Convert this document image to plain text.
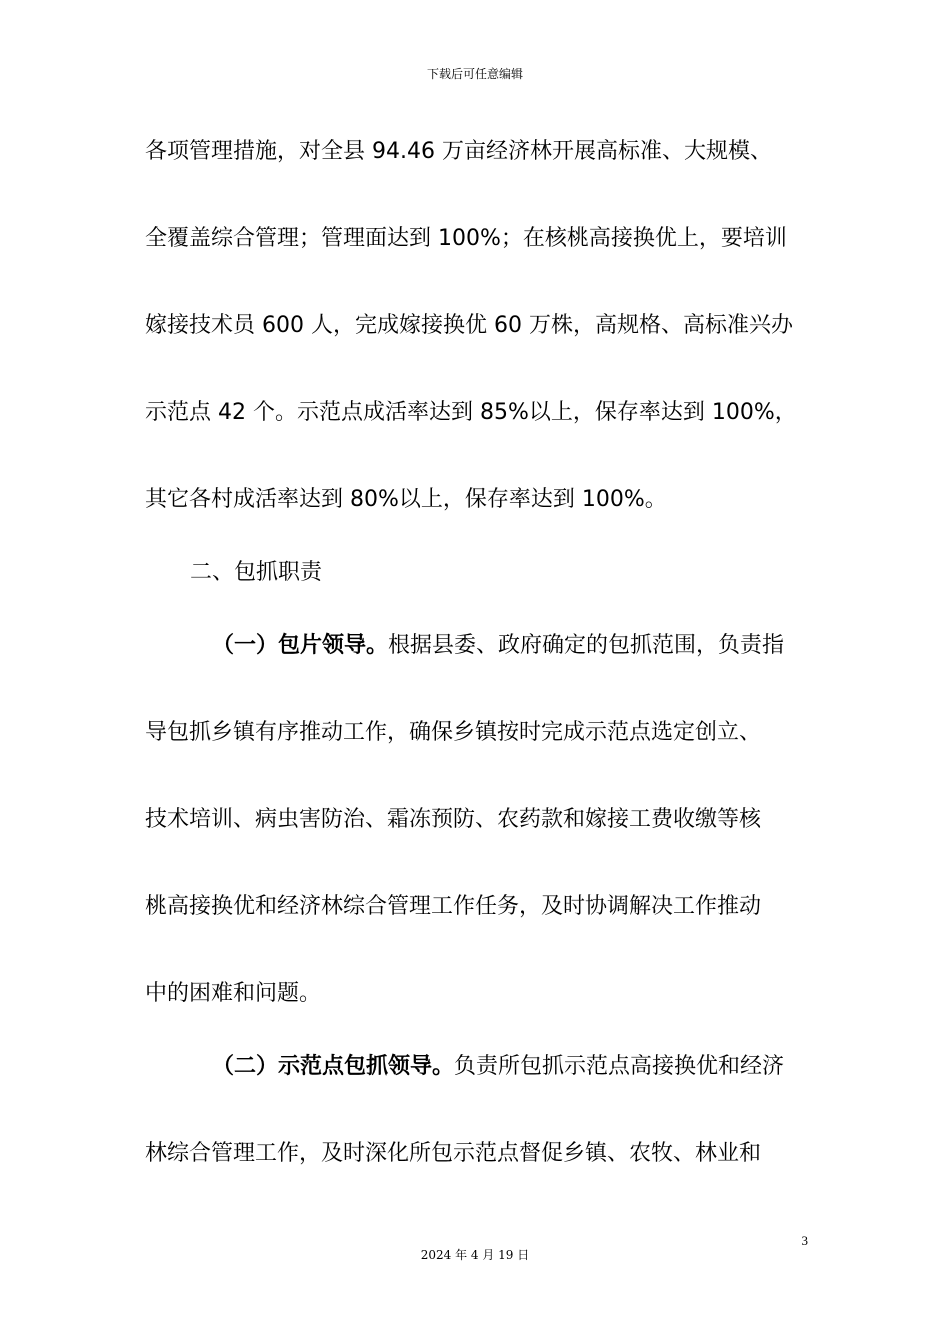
下载后可任意编辑
各项管理措施，对全县 94.46 万亩经济林开展高标准、大规模、
全覆盖综合管理；管理面达到 100%；在核桃高接换优上，要培训
嫁接技术员 600 人，完成嫁接换优 60 万株，高规格、高标准兴办
示范点 42 个。示范点成活率达到 85%以上，保存率达到 100%，
其它各村成活率达到 80%以上，保存率达到 100%。
二、包抓职责
（一）包片领导。根据县委、政府确定的包抓范围，负责指
导包抓乡镇有序推动工作，确保乡镇按时完成示范点选定创立、
技术培训、病虫害防治、霜冻预防、农药款和嫁接工费收缴等核
桃高接换优和经济林综合管理工作任务，及时协调解决工作推动
中的困难和问题。
（二）示范点包抓领导。负责所包抓示范点高接换优和经济
林综合管理工作，及时深化所包示范点督促乡镇、农牧、林业和
3
2024 年 4 月 19 日
